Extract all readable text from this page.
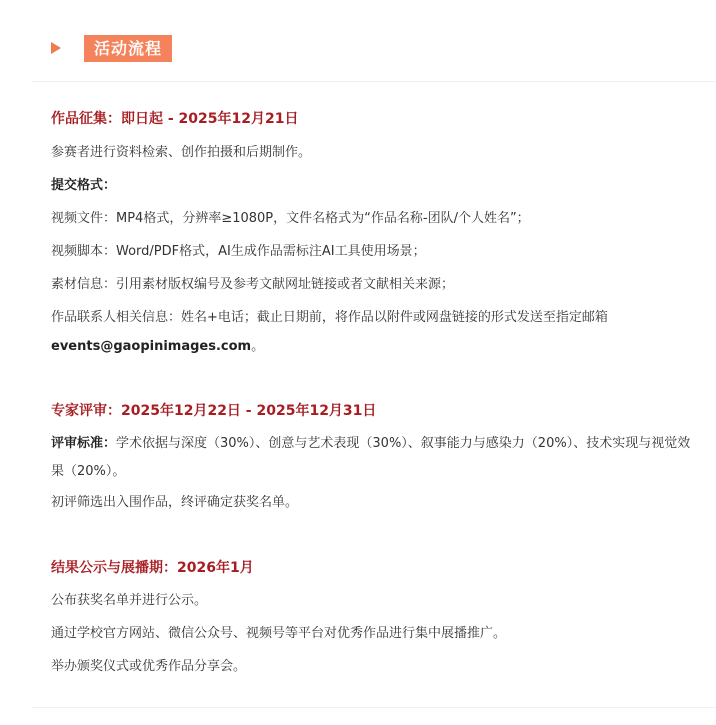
活动流程
作品征集：即日起 - 2025年12月21日
参赛者进行资料检索、创作拍摄和后期制作。
提交格式：
视频文件：MP4格式，分辨率≥1080P，文件名格式为“作品名称-团队/个人姓名”；
视频脚本：Word/PDF格式，AI生成作品需标注AI工具使用场景；
素材信息：引用素材版权编号及参考文献网址链接或者文献相关来源；
作品联系人相关信息：姓名+电话；截止日期前，将作品以附件或网盘链接的形式发送至指定邮箱
events@gaopinimages.com。
专家评审：2025年12月22日 - 2025年12月31日
评审标准：学术依据与深度（30%）、创意与艺术表现（30%）、叙事能力与感染力（20%）、技术实现与视觉效果（20%）。
初评筛选出入围作品，终评确定获奖名单。
结果公示与展播期：2026年1月
公布获奖名单并进行公示。
通过学校官方网站、微信公众号、视频号等平台对优秀作品进行集中展播推广。
举办颁奖仪式或优秀作品分享会。
